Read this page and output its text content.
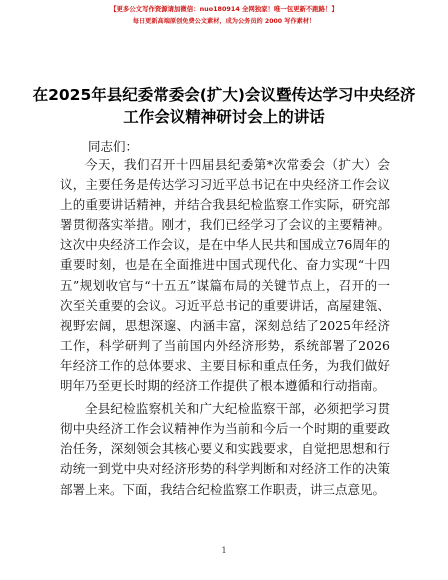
【更多公文写作资源请加微信：nuo180914 全网独家！唯一包更新不跑路！】
每日更新高端原创免费公文素材，成为公务员的 2000 写作素材！
在2025年县纪委常委会(扩大)会议暨传达学习中央经济工作会议精神研讨会上的讲话
同志们：

今天，我们召开十四届县纪委第*次常委会（扩大）会议，主要任务是传达学习习近平总书记在中央经济工作会议上的重要讲话精神，并结合我县纪检监察工作实际，研究部署贯彻落实举措。刚才，我们已经学习了会议的主要精神。这次中央经济工作会议，是在中华人民共和国成立76周年的重要时刻，也是在全面推进中国式现代化、奋力实现“十四五”规划收官与“十五五”谋篇布局的关键节点上，召开的一次至关重要的会议。习近平总书记的重要讲话，高屋建瓴、视野宏阔，思想深邃、内涵丰富，深刻总结了2025年经济工作，科学研判了当前国内外经济形势，系统部署了2026年经济工作的总体要求、主要目标和重点任务，为我们做好明年乃至更长时期的经济工作提供了根本遵循和行动指南。

全县纪检监察机关和广大纪检监察干部，必须把学习贯彻中央经济工作会议精神作为当前和今后一个时期的重要政治任务，深刻领会其核心要义和实践要求，自觉把思想和行动统一到党中央对经济形势的科学判断和对经济工作的决策部署上来。下面，我结合纪检监察工作职责，讲三点意见。

1
